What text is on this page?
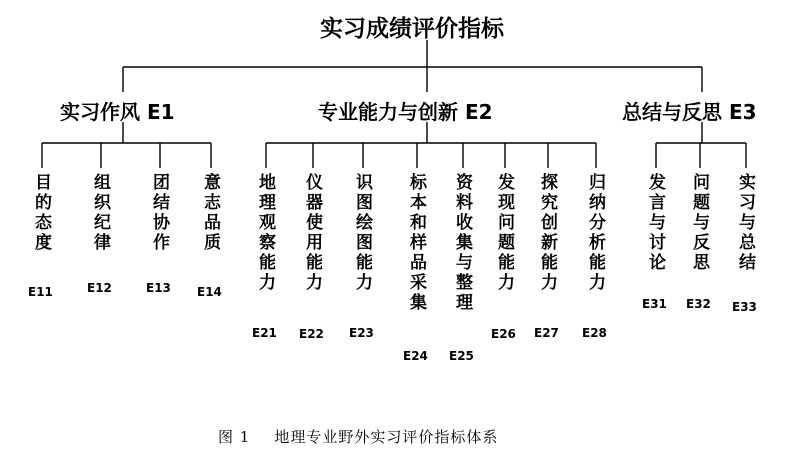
实习成绩评价指标
实习作风 E1	专业能力与创新 E2	总结与反思 E3
目的态度
E11
组织纪律
E12
团结协作
E13
意志品质
E14 地理观察能力
E21
仪器使用能力
E22
识图绘图能力
E23
标本和样品采集
E24
资料收集与整理
E25
发现问题能力
E26
探究创新能力
E27
归纳分析能力
E28
发言与讨论
E31
问题与反思
E32
实习与总结
E33
图 1 地理专业野外实习评价指标体系
